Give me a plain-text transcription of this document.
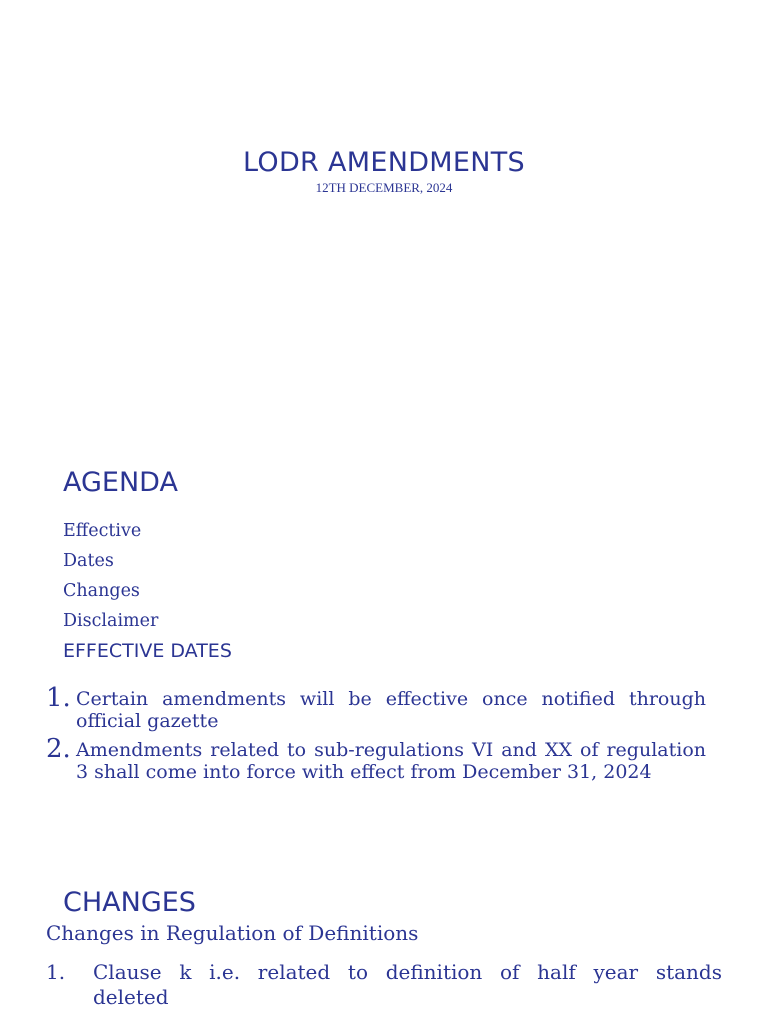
LODR AMENDMENTS
12TH DECEMBER, 2024
AGENDA
Effective
Dates
Changes
Disclaimer
EFFECTIVE DATES
1. Certain amendments will be effective once notified through official gazette
2. Amendments related to sub-regulations VI and XX of regulation 3 shall come into force with effect from December 31, 2024
CHANGES
Changes in Regulation of Definitions
1.	Clause k i.e. related to definition of half year stands deleted
